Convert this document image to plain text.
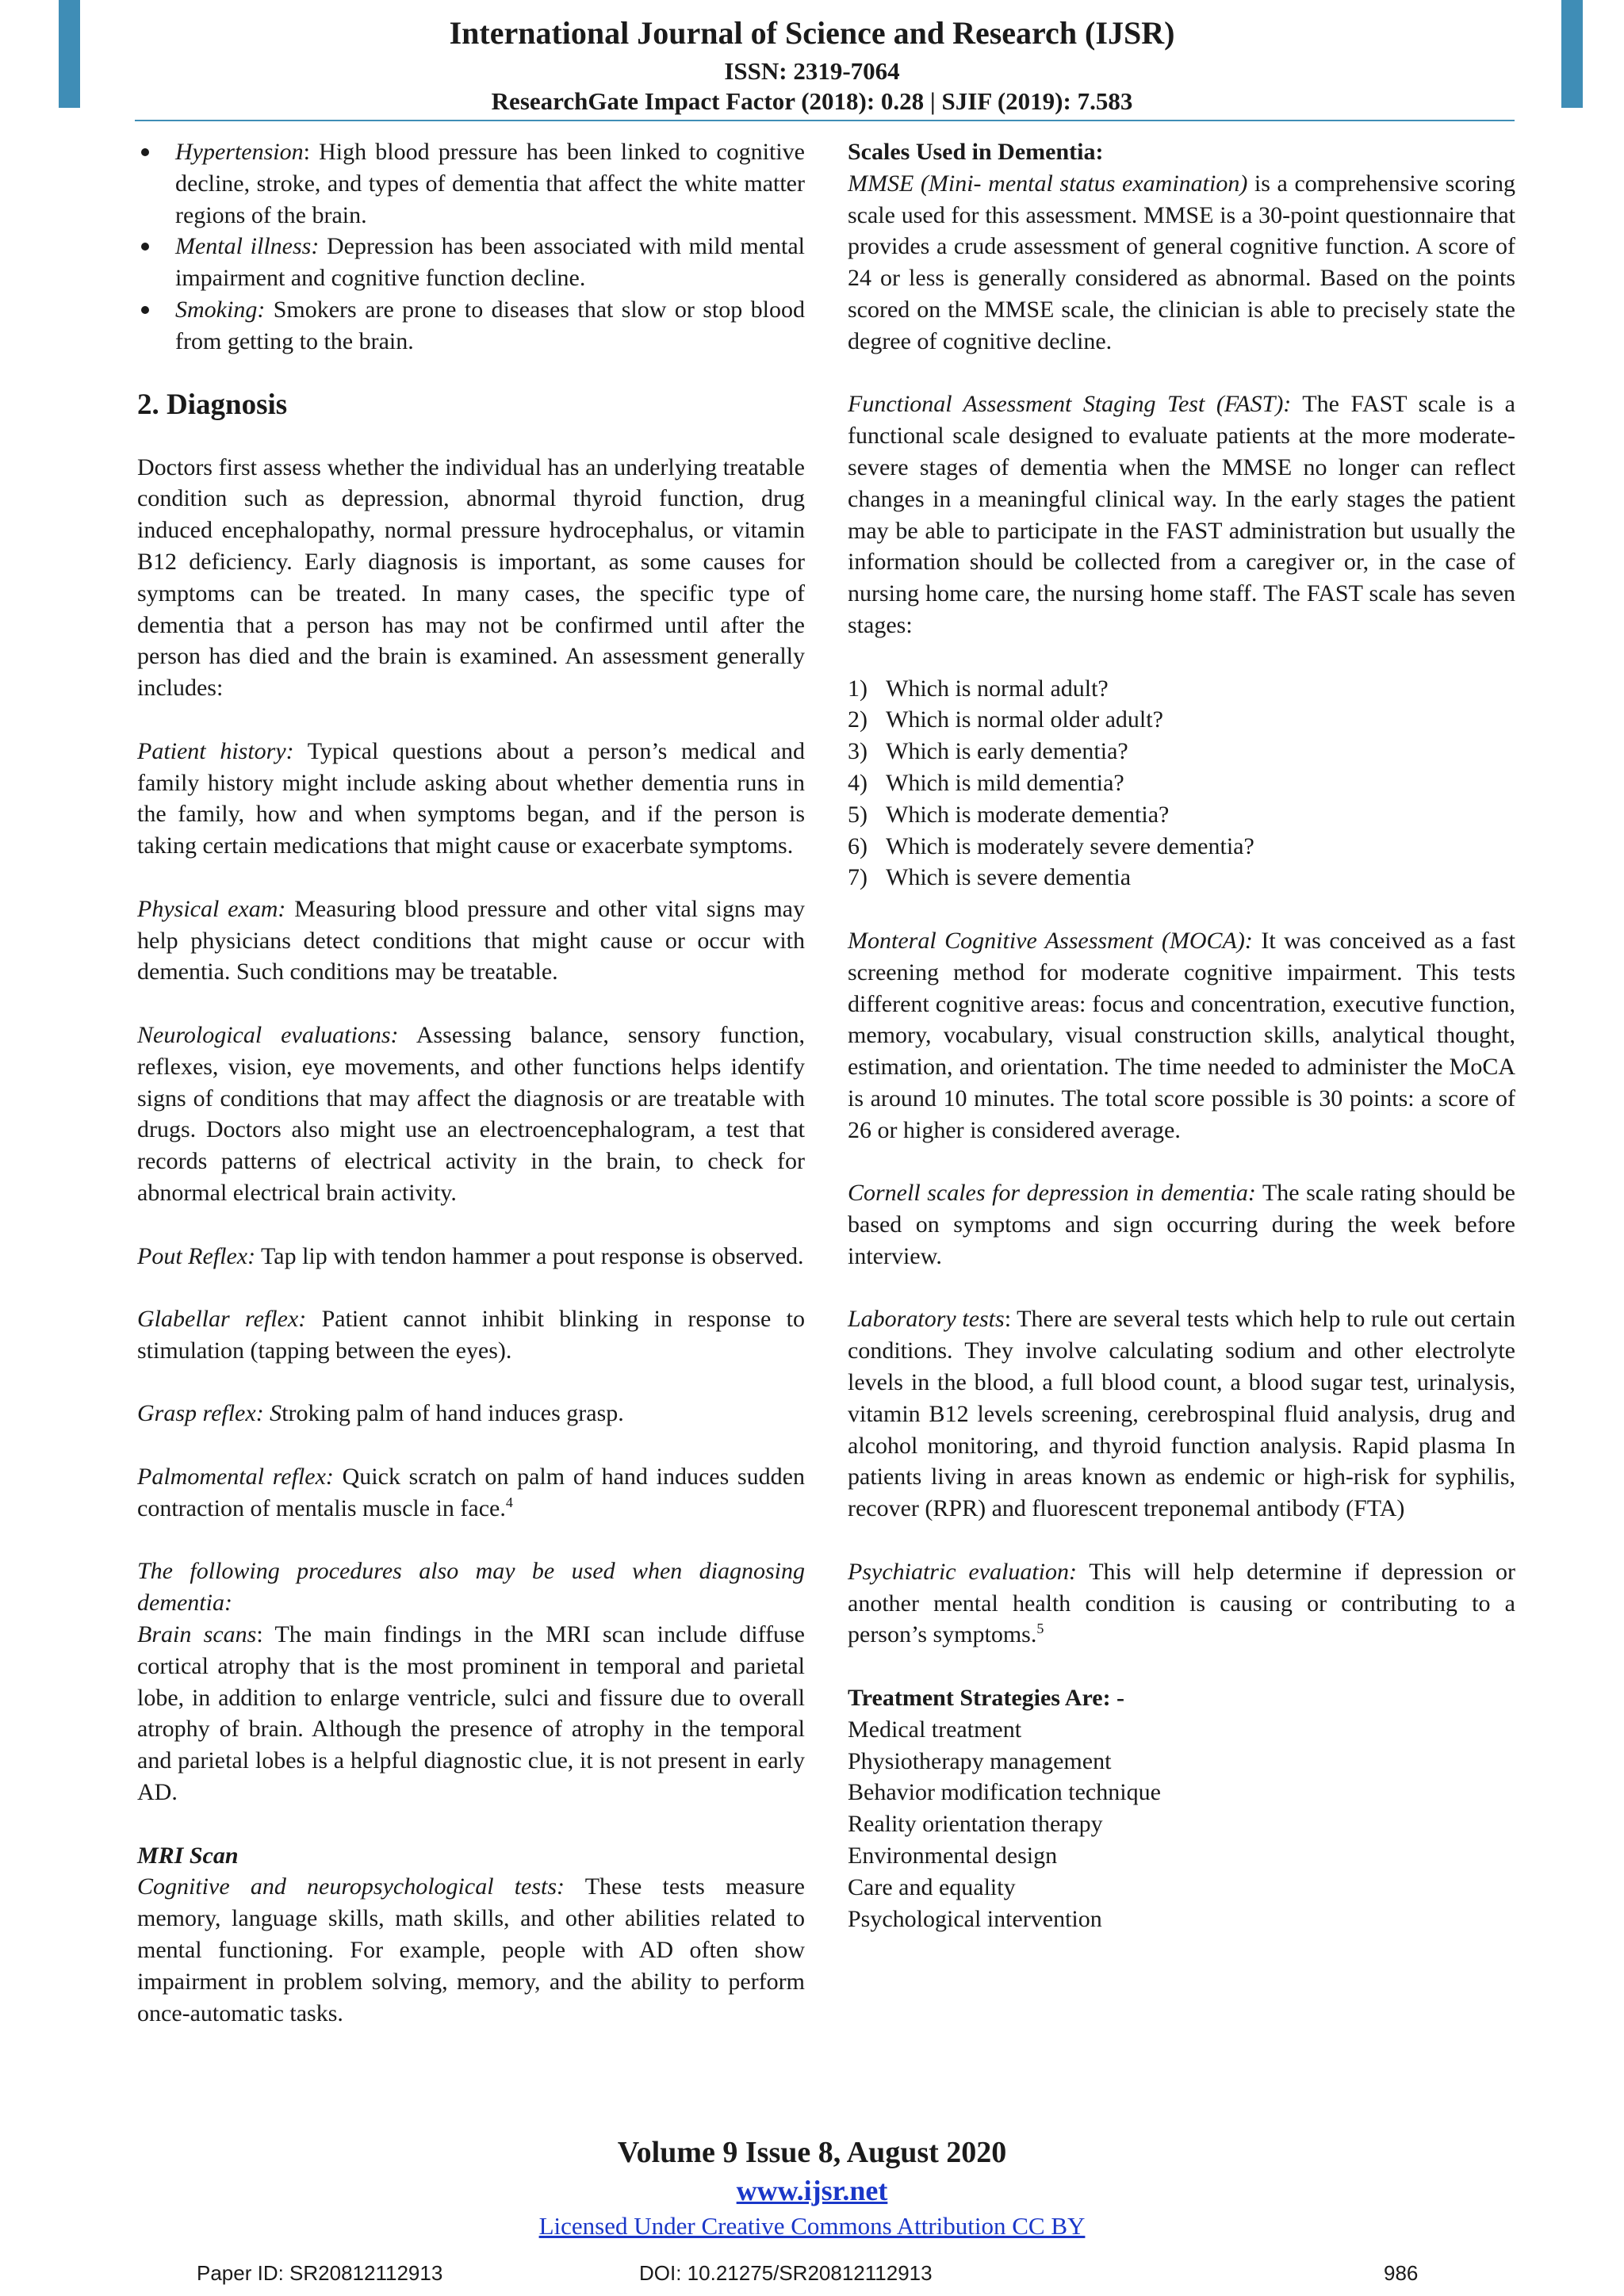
International Journal of Science and Research (IJSR)
ISSN: 2319-7064
ResearchGate Impact Factor (2018): 0.28 | SJIF (2019): 7.583
Hypertension: High blood pressure has been linked to cognitive decline, stroke, and types of dementia that affect the white matter regions of the brain.
Mental illness: Depression has been associated with mild mental impairment and cognitive function decline.
Smoking: Smokers are prone to diseases that slow or stop blood from getting to the brain.
2. Diagnosis

Doctors first assess whether the individual has an underlying treatable condition such as depression, abnormal thyroid function, drug induced encephalopathy, normal pressure hydrocephalus, or vitamin B12 deficiency. Early diagnosis is important, as some causes for symptoms can be treated. In many cases, the specific type of dementia that a person has may not be confirmed until after the person has died and the brain is examined. An assessment generally includes:

Patient history: Typical questions about a person’s medical and family history might include asking about whether dementia runs in the family, how and when symptoms began, and if the person is taking certain medications that might cause or exacerbate symptoms.

Physical exam: Measuring blood pressure and other vital signs may help physicians detect conditions that might cause or occur with dementia. Such conditions may be treatable.

Neurological evaluations: Assessing balance, sensory function, reflexes, vision, eye movements, and other functions helps identify signs of conditions that may affect the diagnosis or are treatable with drugs. Doctors also might use an electroencephalogram, a test that records patterns of electrical activity in the brain, to check for abnormal electrical brain activity.

Pout Reflex: Tap lip with tendon hammer a pout response is observed.

Glabellar reflex: Patient cannot inhibit blinking in response to stimulation (tapping between the eyes).

Grasp reflex: Stroking palm of hand induces grasp.

Palmomental reflex: Quick scratch on palm of hand induces sudden contraction of mentalis muscle in face.$^4$

The following procedures also may be used when diagnosing dementia:

Brain scans: The main findings in the MRI scan include diffuse cortical atrophy that is the most prominent in temporal and parietal lobe, in addition to enlarge ventricle, sulci and fissure due to overall atrophy of brain. Although the presence of atrophy in the temporal and parietal lobes is a helpful diagnostic clue, it is not present in early AD.

MRI Scan

Cognitive and neuropsychological tests: These tests measure memory, language skills, math skills, and other abilities related to mental functioning. For example, people with AD often show impairment in problem solving, memory, and the ability to perform once-automatic tasks.

Scales Used in Dementia:

MMSE (Mini- mental status examination) is a comprehensive scoring scale used for this assessment. MMSE is a 30-point questionnaire that provides a crude assessment of general cognitive function. A score of 24 or less is generally considered as abnormal. Based on the points scored on the MMSE scale, the clinician is able to precisely state the degree of cognitive decline.

Functional Assessment Staging Test (FAST): The FAST scale is a functional scale designed to evaluate patients at the more moderate-severe stages of dementia when the MMSE no longer can reflect changes in a meaningful clinical way. In the early stages the patient may be able to participate in the FAST administration but usually the information should be collected from a caregiver or, in the case of nursing home care, the nursing home staff. The FAST scale has seven stages:

1) Which is normal adult?
2) Which is normal older adult?
3) Which is early dementia?
4) Which is mild dementia?
5) Which is moderate dementia?
6) Which is moderately severe dementia?
7) Which is severe dementia

Monteral Cognitive Assessment (MOCA): It was conceived as a fast screening method for moderate cognitive impairment. This tests different cognitive areas: focus and concentration, executive function, memory, vocabulary, visual construction skills, analytical thought, estimation, and orientation. The time needed to administer the MoCA is around 10 minutes. The total score possible is 30 points: a score of 26 or higher is considered average.

Cornell scales for depression in dementia: The scale rating should be based on symptoms and sign occurring during the week before interview.

Laboratory tests: There are several tests which help to rule out certain conditions. They involve calculating sodium and other electrolyte levels in the blood, a full blood count, a blood sugar test, urinalysis, vitamin B12 levels screening, cerebrospinal fluid analysis, drug and alcohol monitoring, and thyroid function analysis. Rapid plasma In patients living in areas known as endemic or high-risk for syphilis, recover (RPR) and fluorescent treponemal antibody (FTA)

Psychiatric evaluation: This will help determine if depression or another mental health condition is causing or contributing to a person’s symptoms.$^5$

Treatment Strategies Are: -

Medical treatment
Physiotherapy management
Behavior modification technique
Reality orientation therapy
Environmental design
Care and equality
Psychological intervention
Volume 9 Issue 8, August 2020
www.ijsr.net
Licensed Under Creative Commons Attribution CC BY
Paper ID: SR20812112913	DOI: 10.21275/SR20812112913	986
